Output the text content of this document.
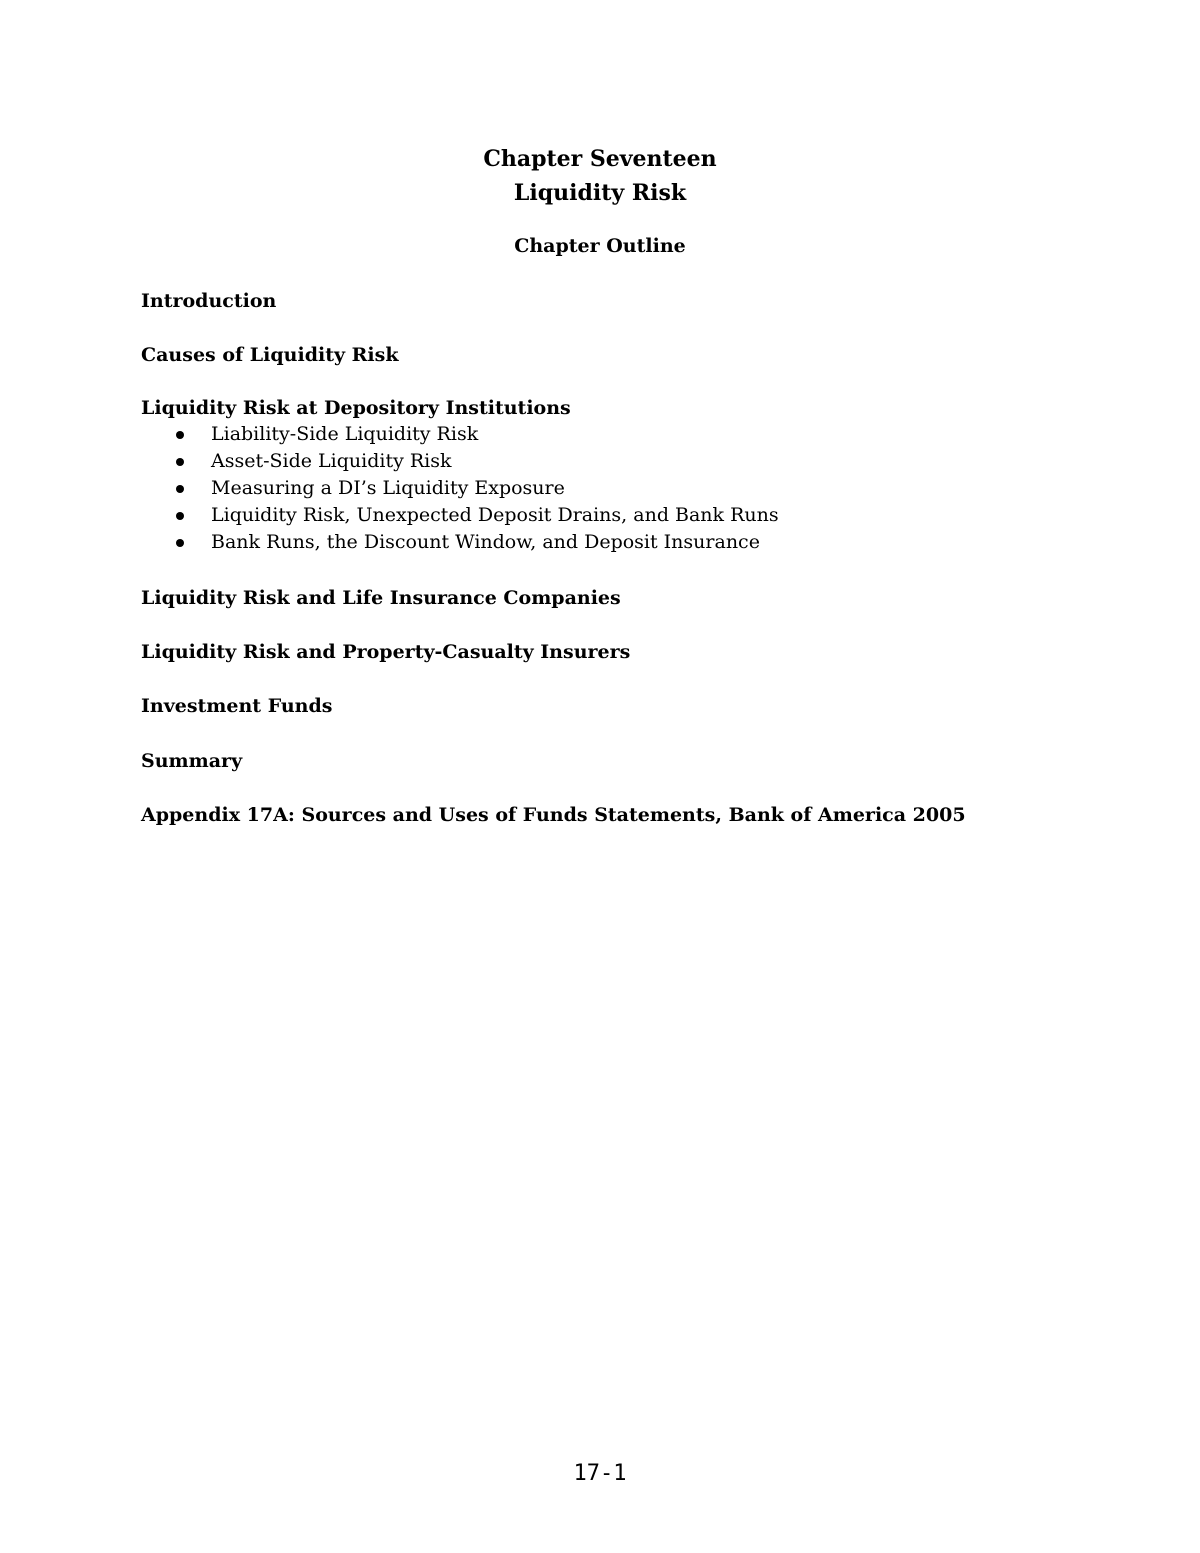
Chapter Seventeen
Liquidity Risk
Chapter Outline
Introduction
Causes of Liquidity Risk
Liquidity Risk at Depository Institutions
Liability-Side Liquidity Risk
Asset-Side Liquidity Risk
Measuring a DI’s Liquidity Exposure
Liquidity Risk, Unexpected Deposit Drains, and Bank Runs
Bank Runs, the Discount Window, and Deposit Insurance
Liquidity Risk and Life Insurance Companies
Liquidity Risk and Property-Casualty Insurers
Investment Funds
Summary
Appendix 17A: Sources and Uses of Funds Statements, Bank of America 2005
17-1
